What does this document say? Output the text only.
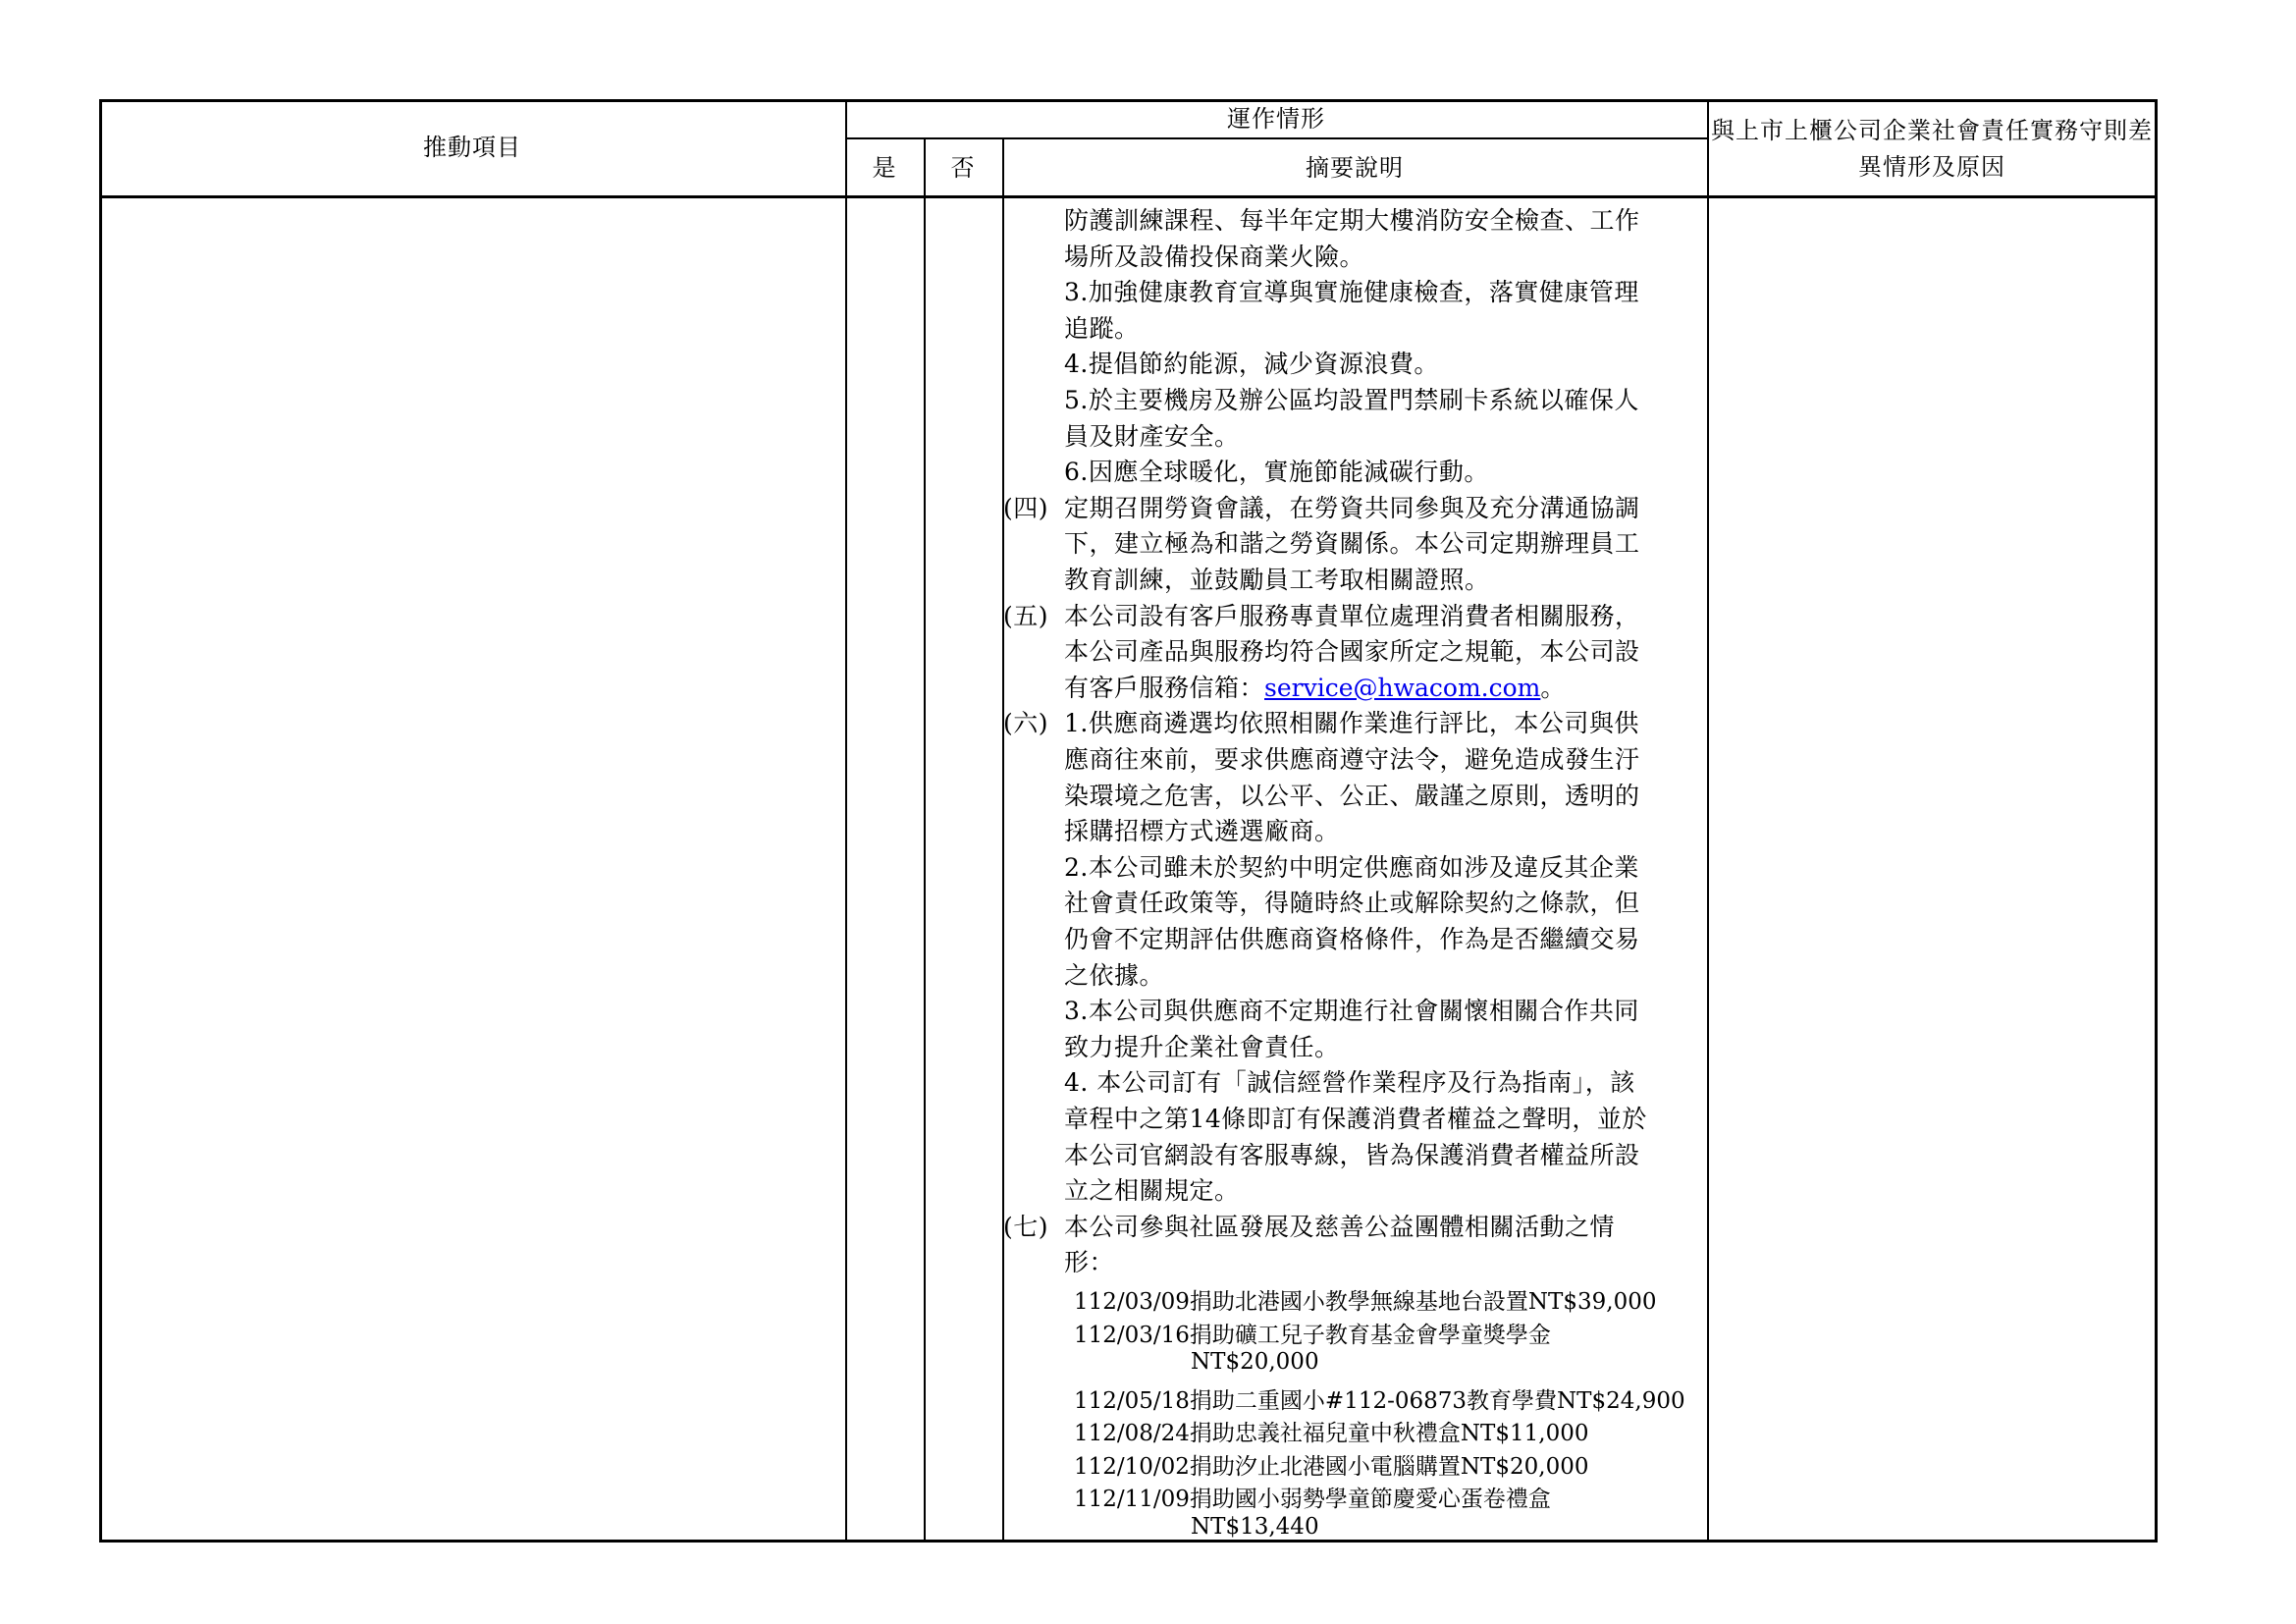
推動項目
運作情形
是	否	摘要說明
與上市上櫃公司企業社會責任實務守則差異情形及原因
防護訓練課程、每半年定期大樓消防安全檢查、工作
場所及設備投保商業火險。
3.加強健康教育宣導與實施健康檢查，落實健康管理
追蹤。
4.提倡節約能源，減少資源浪費。
5.於主要機房及辦公區均設置門禁刷卡系統以確保人
員及財產安全。
6.因應全球暖化，實施節能減碳行動。
(四) 定期召開勞資會議，在勞資共同參與及充分溝通協調
下，建立極為和諧之勞資關係。本公司定期辦理員工
教育訓練，並鼓勵員工考取相關證照。
(五) 本公司設有客戶服務專責單位處理消費者相關服務，
本公司產品與服務均符合國家所定之規範，本公司設
有客戶服務信箱：service@hwacom.com。
(六) 1.供應商遴選均依照相關作業進行評比，本公司與供
應商往來前，要求供應商遵守法令，避免造成發生汙
染環境之危害，以公平、公正、嚴謹之原則，透明的
採購招標方式遴選廠商。
2.本公司雖未於契約中明定供應商如涉及違反其企業
社會責任政策等，得隨時終止或解除契約之條款，但
仍會不定期評估供應商資格條件，作為是否繼續交易
之依據。
3.本公司與供應商不定期進行社會關懷相關合作共同
致力提升企業社會責任。
4. 本公司訂有「誠信經營作業程序及行為指南」，該
章程中之第14條即訂有保護消費者權益之聲明，並於
本公司官網設有客服專線，皆為保護消費者權益所設
立之相關規定。
(七) 本公司參與社區發展及慈善公益團體相關活動之情
形：
112/03/09捐助北港國小教學無線基地台設置NT$39,000
112/03/16捐助礦工兒子教育基金會學童獎學金
NT$20,000
112/05/18捐助二重國小#112-06873教育學費NT$24,900
112/08/24捐助忠義社福兒童中秋禮盒NT$11,000
112/10/02捐助汐止北港國小電腦購置NT$20,000
112/11/09捐助國小弱勢學童節慶愛心蛋卷禮盒
NT$13,440
